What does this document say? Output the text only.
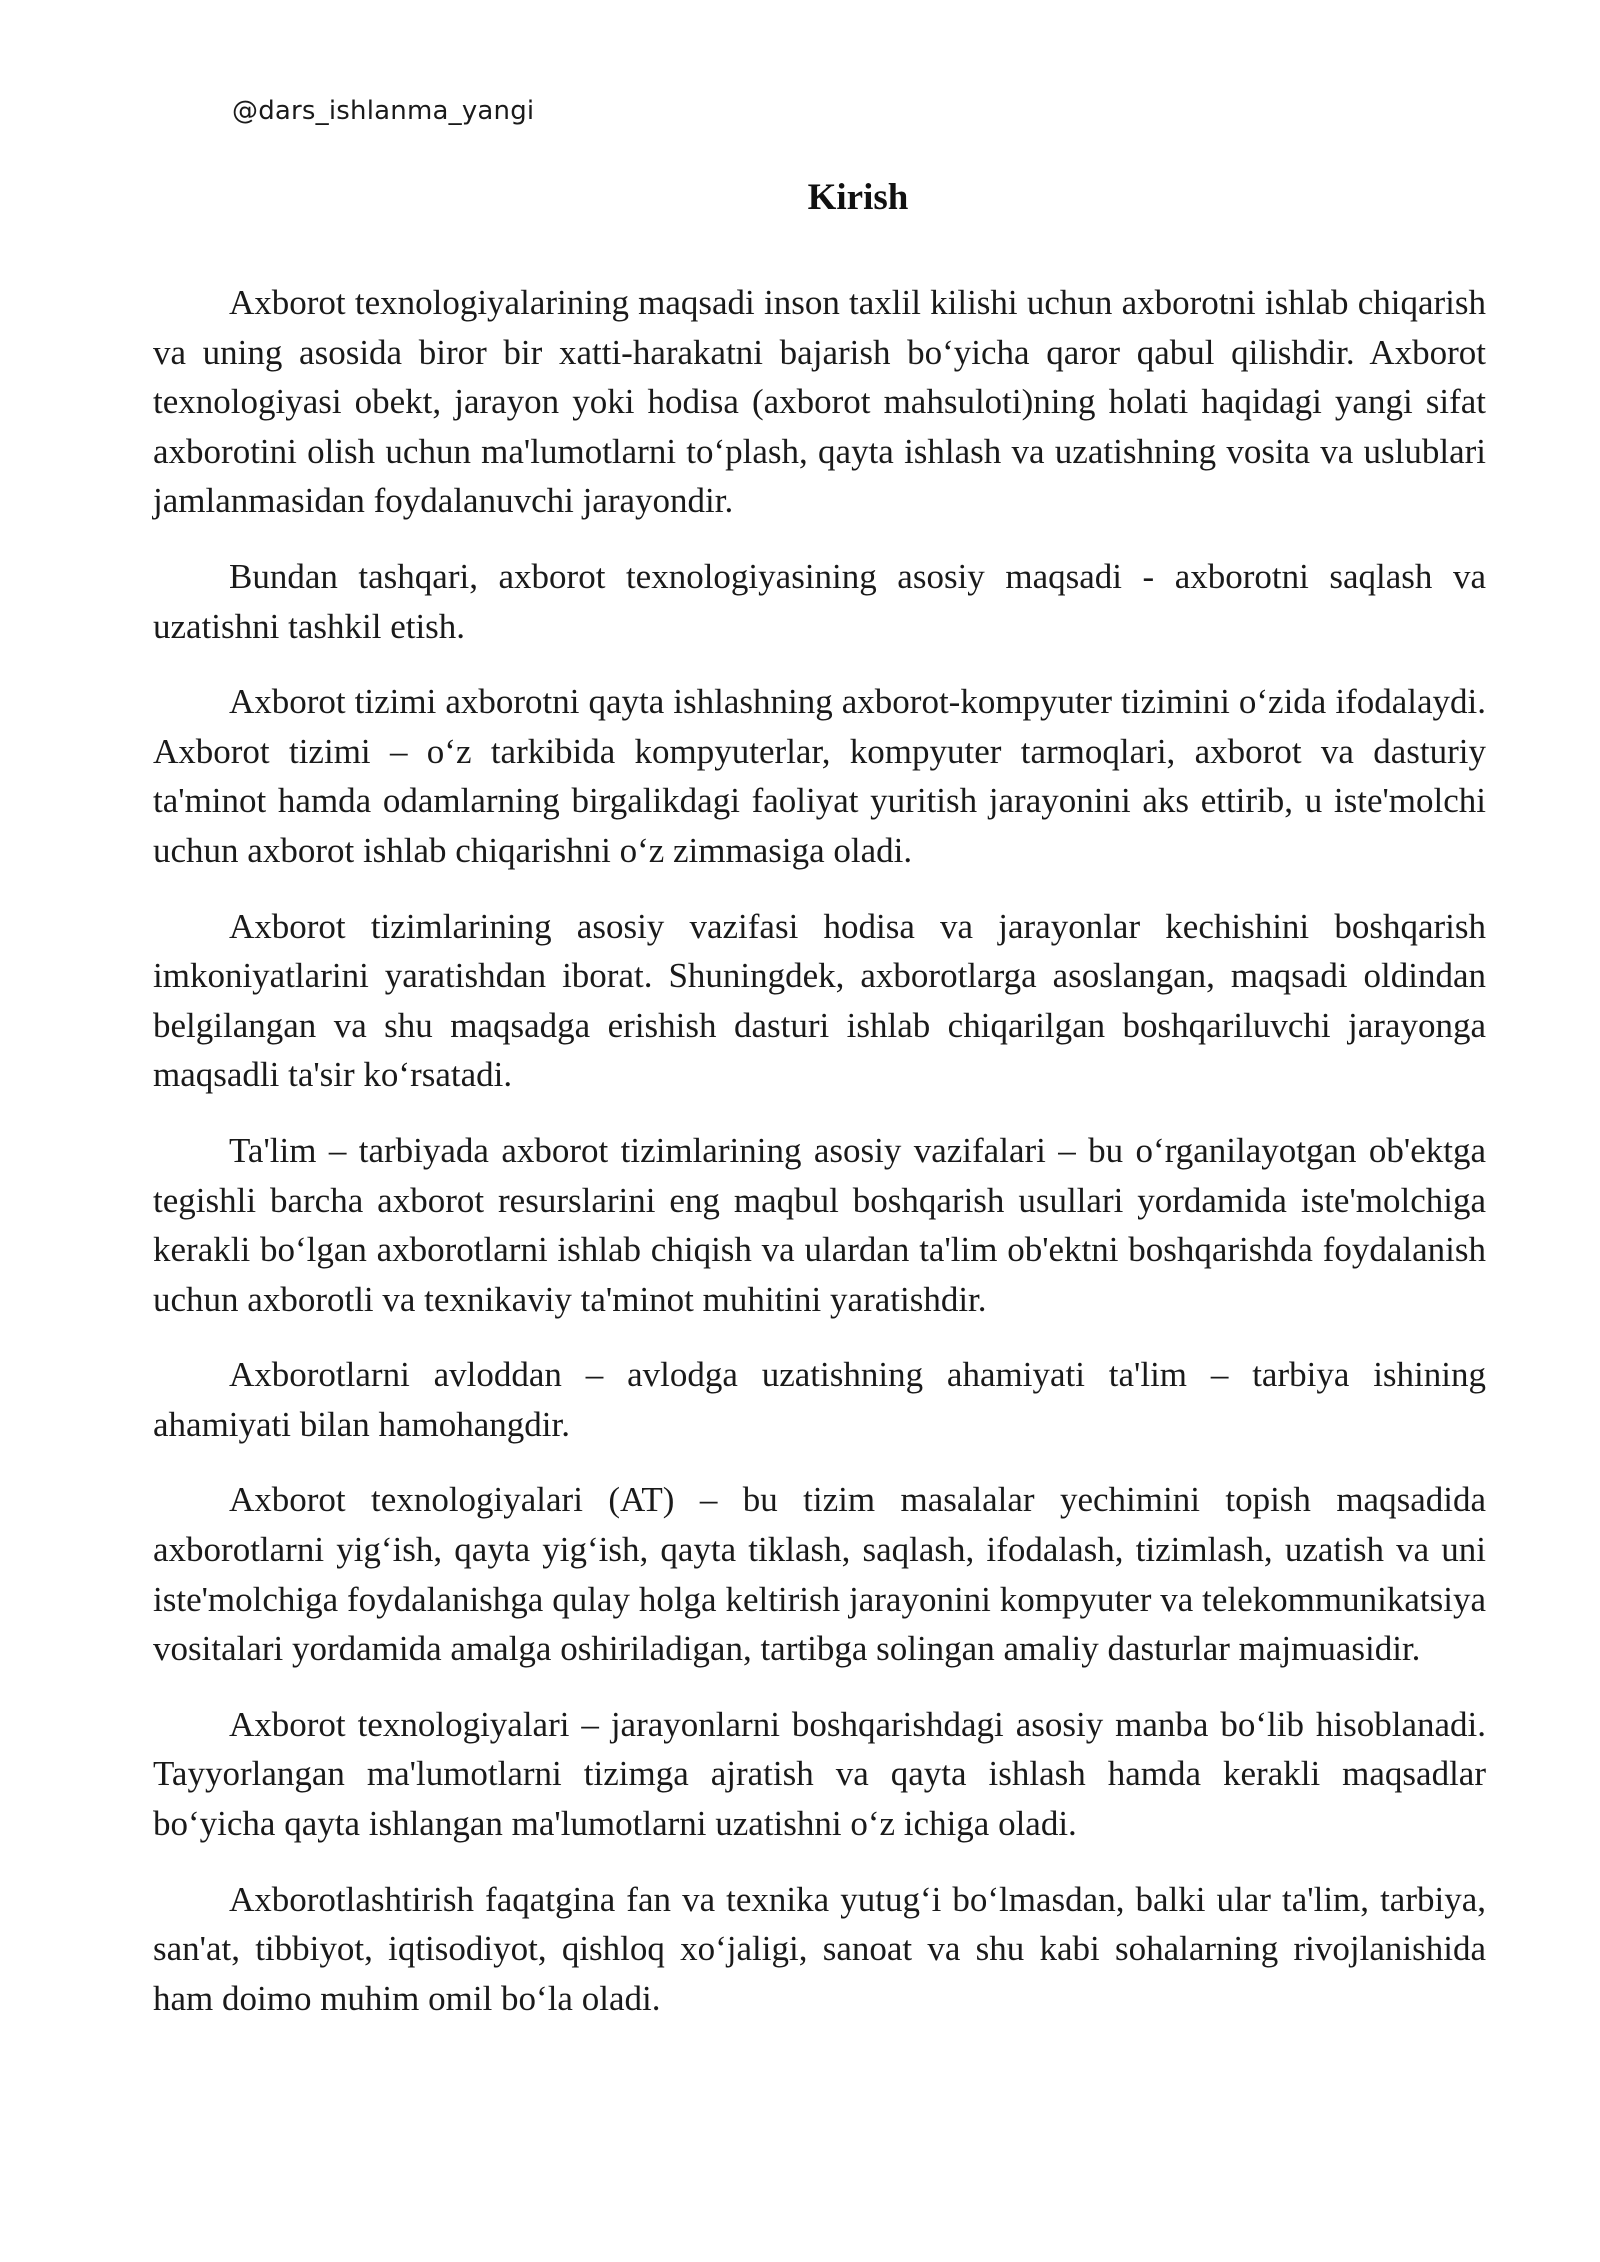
@dars_ishlanma_yangi
Kirish

Axborot texnologiyalarining maqsadi inson taxlil kilishi uchun axborotni ishlab chiqarish va uning asosida biror bir xatti-harakatni bajarish bo‘yicha qaror qabul qilishdir. Axborot texnologiyasi obekt, jarayon yoki hodisa (axborot mahsuloti)ning holati haqidagi yangi sifat axborotini olish uchun ma'lumotlarni to‘plash, qayta ishlash va uzatishning vosita va uslublari jamlanmasidan foydalanuvchi jarayondir.

Bundan tashqari, axborot texnologiyasining asosiy maqsadi - axborotni saqlash va uzatishni tashkil etish.

Axborot tizimi axborotni qayta ishlashning axborot-kompyuter tizimini o‘zida ifodalaydi. Axborot tizimi – o‘z tarkibida kompyuterlar, kompyuter tarmoqlari, axborot va dasturiy ta'minot hamda odamlarning birgalikdagi faoliyat yuritish jarayonini aks ettirib, u iste'molchi uchun axborot ishlab chiqarishni o‘z zimmasiga oladi.

Axborot tizimlarining asosiy vazifasi hodisa va jarayonlar kechishini boshqarish imkoniyatlarini yaratishdan iborat. Shuningdek, axborotlarga asoslangan, maqsadi oldindan belgilangan va shu maqsadga erishish dasturi ishlab chiqarilgan boshqariluvchi jarayonga maqsadli ta'sir ko‘rsatadi.

Ta'lim – tarbiyada axborot tizimlarining asosiy vazifalari – bu o‘rganilayotgan ob'ektga tegishli barcha axborot resurslarini eng maqbul boshqarish usullari yordamida iste'molchiga kerakli bo‘lgan axborotlarni ishlab chiqish va ulardan ta'lim ob'ektni boshqarishda foydalanish uchun axborotli va texnikaviy ta'minot muhitini yaratishdir.

Axborotlarni avloddan – avlodga uzatishning ahamiyati ta'lim – tarbiya ishining ahamiyati bilan hamohangdir.

Axborot texnologiyalari (AT) – bu tizim masalalar yechimini topish maqsadida axborotlarni yig‘ish, qayta yig‘ish, qayta tiklash, saqlash, ifodalash, tizimlash, uzatish va uni iste'molchiga foydalanishga qulay holga keltirish jarayonini kompyuter va telekommunikatsiya vositalari yordamida amalga oshiriladigan, tartibga solingan amaliy dasturlar majmuasidir.

Axborot texnologiyalari – jarayonlarni boshqarishdagi asosiy manba bo‘lib hisoblanadi. Tayyorlangan ma'lumotlarni tizimga ajratish va qayta ishlash hamda kerakli maqsadlar bo‘yicha qayta ishlangan ma'lumotlarni uzatishni o‘z ichiga oladi.

Axborotlashtirish faqatgina fan va texnika yutug‘i bo‘lmasdan, balki ular ta'lim, tarbiya, san'at, tibbiyot, iqtisodiyot, qishloq xo‘jaligi, sanoat va shu kabi sohalarning rivojlanishida ham doimo muhim omil bo‘la oladi.
